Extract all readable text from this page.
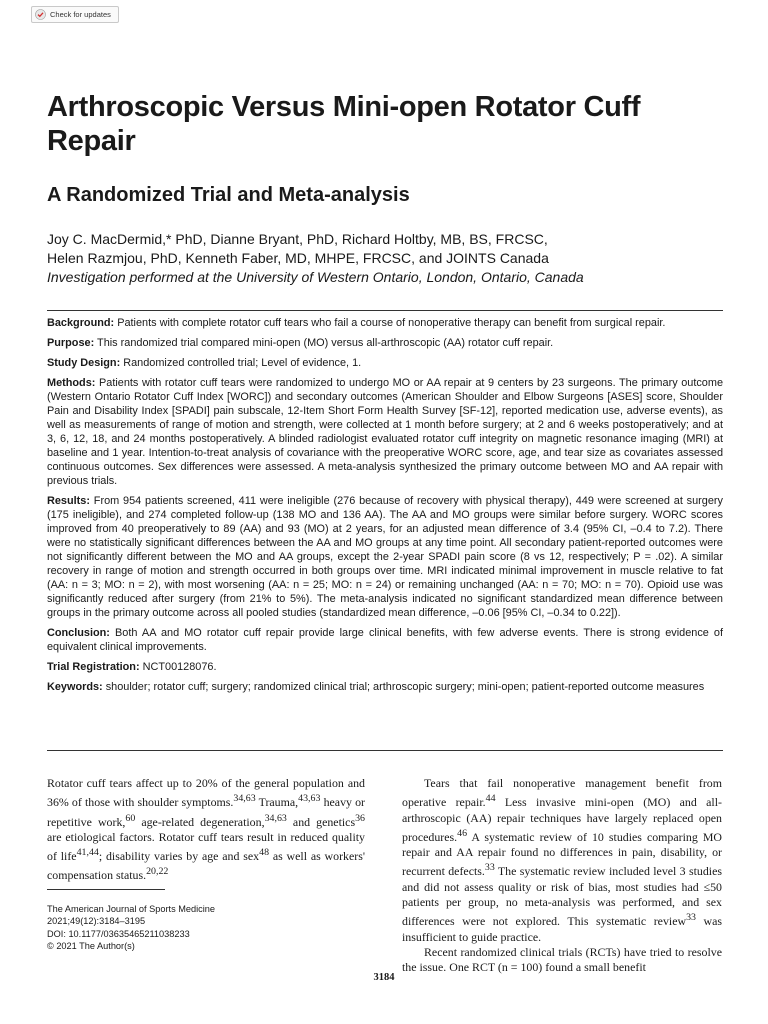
Check for updates
Arthroscopic Versus Mini-open Rotator Cuff Repair
A Randomized Trial and Meta-analysis
Joy C. MacDermid,* PhD, Dianne Bryant, PhD, Richard Holtby, MB, BS, FRCSC,
Helen Razmjou, PhD, Kenneth Faber, MD, MHPE, FRCSC, and JOINTS Canada
Investigation performed at the University of Western Ontario, London, Ontario, Canada

Background: Patients with complete rotator cuff tears who fail a course of nonoperative therapy can benefit from surgical repair.

Purpose: This randomized trial compared mini-open (MO) versus all-arthroscopic (AA) rotator cuff repair.

Study Design: Randomized controlled trial; Level of evidence, 1.

Methods: Patients with rotator cuff tears were randomized to undergo MO or AA repair at 9 centers by 23 surgeons. The primary outcome (Western Ontario Rotator Cuff Index [WORC]) and secondary outcomes (American Shoulder and Elbow Surgeons [ASES] score, Shoulder Pain and Disability Index [SPADI] pain subscale, 12-Item Short Form Health Survey [SF-12], reported medication use, adverse events), as well as measurements of range of motion and strength, were collected at 1 month before surgery; at 2 and 6 weeks postoperatively; and at 3, 6, 12, 18, and 24 months postoperatively. A blinded radiologist evaluated rotator cuff integrity on magnetic resonance imaging (MRI) at baseline and 1 year. Intention-to-treat analysis of covariance with the preoperative WORC score, age, and tear size as covariates assessed continuous outcomes. Sex differences were assessed. A meta-analysis synthesized the primary outcome between MO and AA repair with previous trials.

Results: From 954 patients screened, 411 were ineligible (276 because of recovery with physical therapy), 449 were screened at surgery (175 ineligible), and 274 completed follow-up (138 MO and 136 AA). The AA and MO groups were similar before surgery. WORC scores improved from 40 preoperatively to 89 (AA) and 93 (MO) at 2 years, for an adjusted mean difference of 3.4 (95% CI, –0.4 to 7.2). There were no statistically significant differences between the AA and MO groups at any time point. All secondary patient-reported outcomes were not significantly different between the MO and AA groups, except the 2-year SPADI pain score (8 vs 12, respectively; P = .02). A similar recovery in range of motion and strength occurred in both groups over time. MRI indicated minimal improvement in muscle relative to fat (AA: n = 3; MO: n = 2), with most worsening (AA: n = 25; MO: n = 24) or remaining unchanged (AA: n = 70; MO: n = 70). Opioid use was significantly reduced after surgery (from 21% to 5%). The meta-analysis indicated no significant standardized mean difference between groups in the primary outcome across all pooled studies (standardized mean difference, –0.06 [95% CI, –0.34 to 0.22]).

Conclusion: Both AA and MO rotator cuff repair provide large clinical benefits, with few adverse events. There is strong evidence of equivalent clinical improvements.

Trial Registration: NCT00128076.

Keywords: shoulder; rotator cuff; surgery; randomized clinical trial; arthroscopic surgery; mini-open; patient-reported outcome measures

Rotator cuff tears affect up to 20% of the general population and 36% of those with shoulder symptoms.$^{34,63}$ Trauma,$^{43,63}$ heavy or repetitive work,$^{60}$ age-related degeneration,$^{34,63}$ and genetics$^{36}$ are etiological factors. Rotator cuff tears result in reduced quality of life$^{41,44}$; disability varies by age and sex$^{48}$ as well as workers' compensation status.$^{20,22}$

The American Journal of Sports Medicine
2021;49(12):3184–3195
DOI: 10.1177/03635465211038233
© 2021 The Author(s)

Tears that fail nonoperative management benefit from operative repair.$^{44}$ Less invasive mini-open (MO) and all-arthroscopic (AA) repair techniques have largely replaced open procedures.$^{46}$ A systematic review of 10 studies comparing MO repair and AA repair found no differences in pain, disability, or recurrent defects.$^{33}$ The systematic review included level 3 studies and did not assess quality or risk of bias, most studies had ≤50 patients per group, no meta-analysis was performed, and sex differences were not explored. This systematic review$^{33}$ was insufficient to guide practice.

Recent randomized clinical trials (RCTs) have tried to resolve the issue. One RCT (n = 100) found a small benefit

3184
